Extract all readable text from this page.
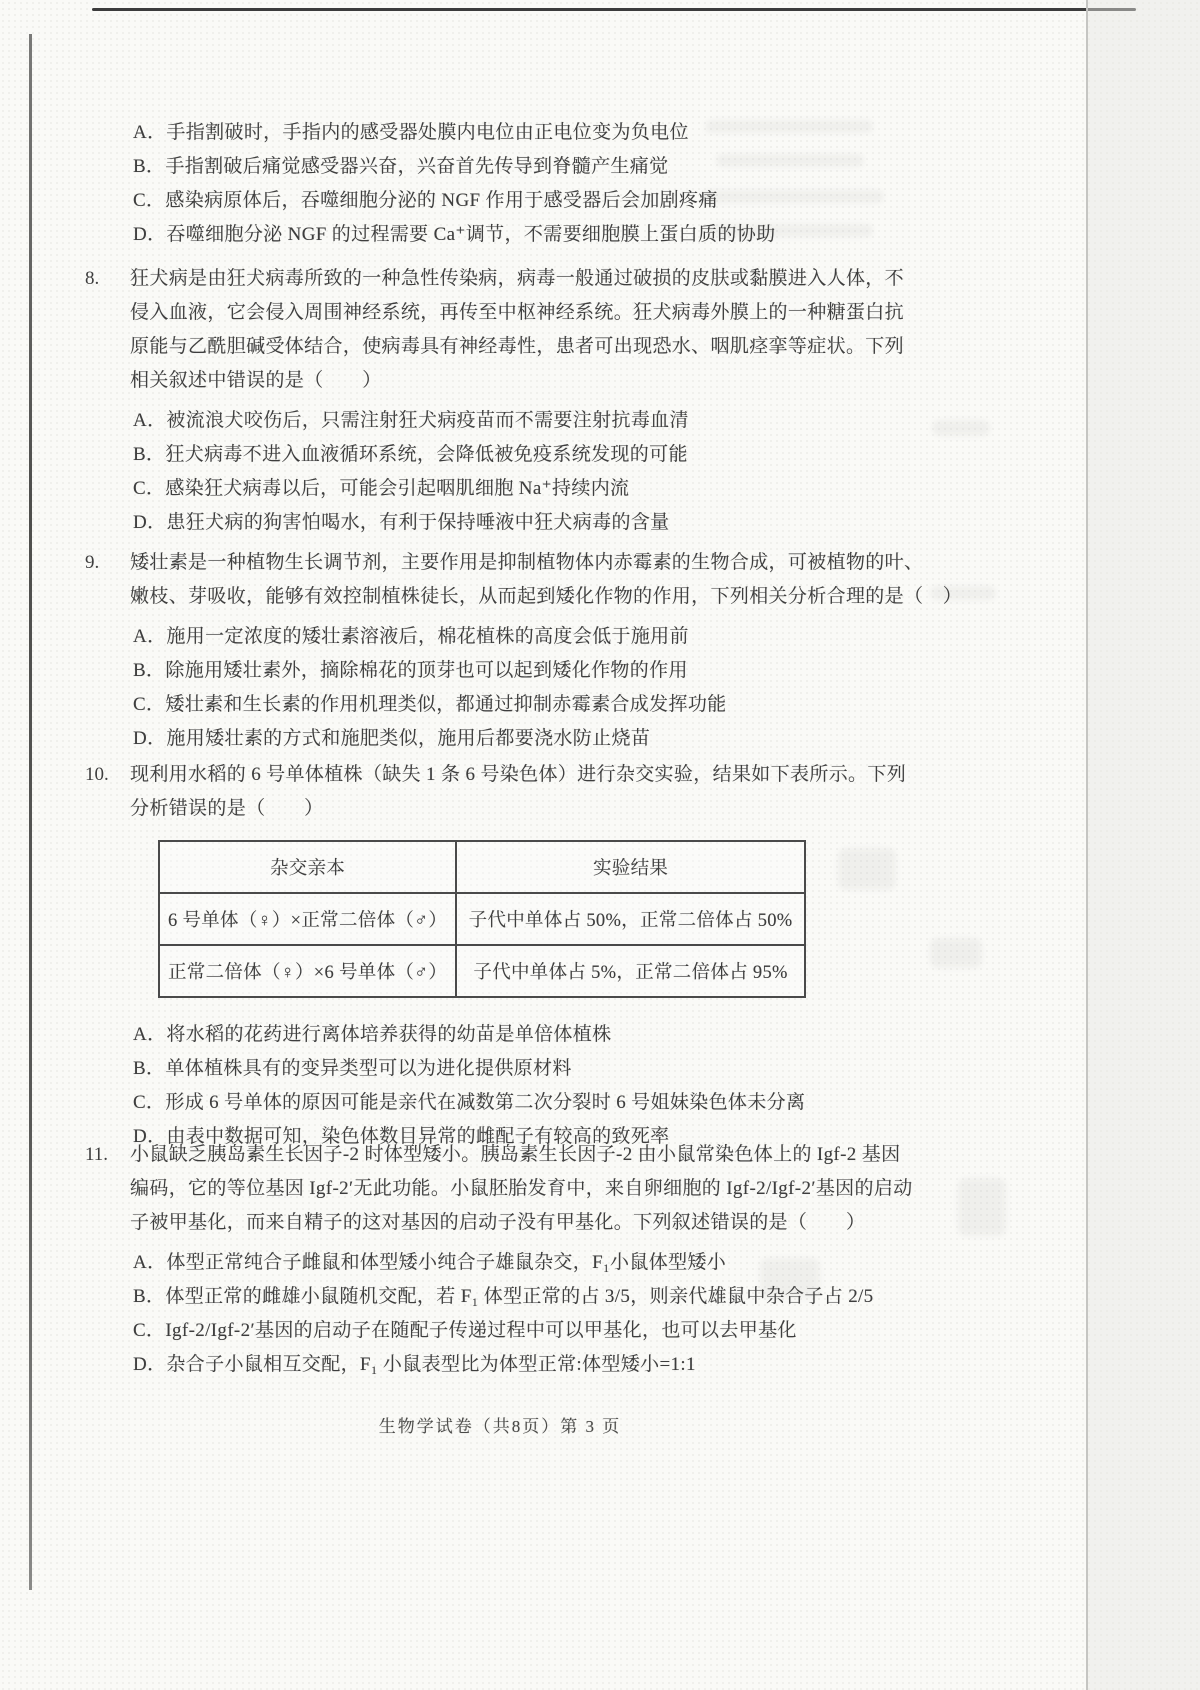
A．手指割破时，手指内的感受器处膜内电位由正电位变为负电位
B．手指割破后痛觉感受器兴奋，兴奋首先传导到脊髓产生痛觉
C．感染病原体后，吞噬细胞分泌的 NGF 作用于感受器后会加剧疼痛
D．吞噬细胞分泌 NGF 的过程需要 Ca⁺调节，不需要细胞膜上蛋白质的协助
8. 狂犬病是由狂犬病毒所致的一种急性传染病，病毒一般通过破损的皮肤或黏膜进入人体，不
侵入血液，它会侵入周围神经系统，再传至中枢神经系统。狂犬病毒外膜上的一种糖蛋白抗
原能与乙酰胆碱受体结合，使病毒具有神经毒性，患者可出现恐水、咽肌痉挛等症状。下列
相关叙述中错误的是（　　）
A．被流浪犬咬伤后，只需注射狂犬病疫苗而不需要注射抗毒血清
B．狂犬病毒不进入血液循环系统，会降低被免疫系统发现的可能
C．感染狂犬病毒以后，可能会引起咽肌细胞 Na⁺持续内流
D．患狂犬病的狗害怕喝水，有利于保持唾液中狂犬病毒的含量
9. 矮壮素是一种植物生长调节剂，主要作用是抑制植物体内赤霉素的生物合成，可被植物的叶、
嫩枝、芽吸收，能够有效控制植株徒长，从而起到矮化作物的作用，下列相关分析合理的是（　）
A．施用一定浓度的矮壮素溶液后，棉花植株的高度会低于施用前
B．除施用矮壮素外，摘除棉花的顶芽也可以起到矮化作物的作用
C．矮壮素和生长素的作用机理类似，都通过抑制赤霉素合成发挥功能
D．施用矮壮素的方式和施肥类似，施用后都要浇水防止烧苗
10. 现利用水稻的 6 号单体植株（缺失 1 条 6 号染色体）进行杂交实验，结果如下表所示。下列
分析错误的是（　　）
杂交亲本	实验结果
6 号单体（♀）×正常二倍体（♂）	子代中单体占 50%，正常二倍体占 50%
正常二倍体（♀）×6 号单体（♂）	子代中单体占 5%，正常二倍体占 95%
A．将水稻的花药进行离体培养获得的幼苗是单倍体植株
B．单体植株具有的变异类型可以为进化提供原材料
C．形成 6 号单体的原因可能是亲代在减数第二次分裂时 6 号姐妹染色体未分离
D．由表中数据可知，染色体数目异常的雌配子有较高的致死率
11. 小鼠缺乏胰岛素生长因子-2 时体型矮小。胰岛素生长因子-2 由小鼠常染色体上的 Igf-2 基因
编码，它的等位基因 Igf-2′无此功能。小鼠胚胎发育中，来自卵细胞的 Igf-2/Igf-2′基因的启动
子被甲基化，而来自精子的这对基因的启动子没有甲基化。下列叙述错误的是（　　）
A．体型正常纯合子雌鼠和体型矮小纯合子雄鼠杂交，F₁小鼠体型矮小
B．体型正常的雌雄小鼠随机交配，若 F₁ 体型正常的占 3/5，则亲代雄鼠中杂合子占 2/5
C．Igf-2/Igf-2′基因的启动子在随配子传递过程中可以甲基化，也可以去甲基化
D．杂合子小鼠相互交配，F₁ 小鼠表型比为体型正常:体型矮小=1:1
生物学试卷（共8页）第 3 页
